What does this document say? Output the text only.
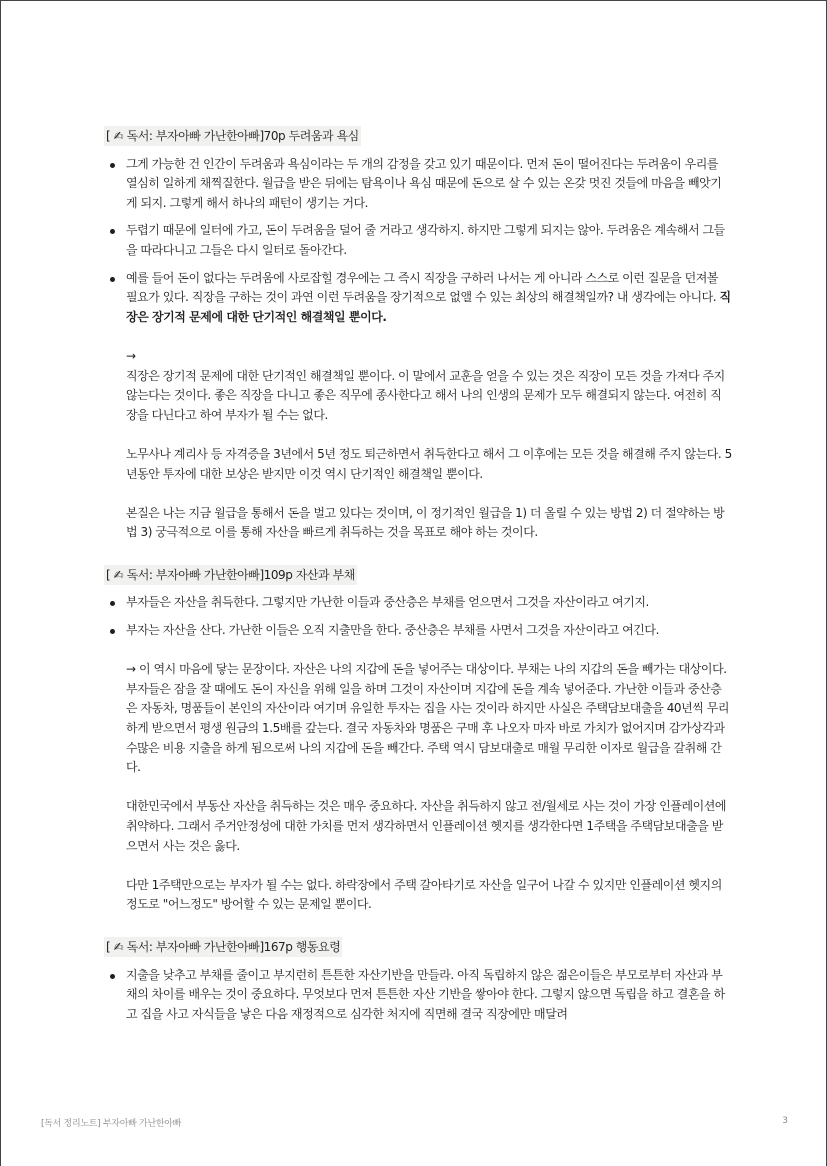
[ ✍ 독서: 부자아빠 가난한아빠]70p 두려움과 욕심
그게 가능한 건 인간이 두려움과 욕심이라는 두 개의 감정을 갖고 있기 때문이다. 먼저 돈이 떨어진다는 두려움이 우리를 열심히 일하게 채찍질한다. 월급을 받은 뒤에는 탐욕이나 욕심 때문에 돈으로 살 수 있는 온갖 멋진 것들에 마음을 빼앗기게 되지. 그렇게 해서 하나의 패턴이 생기는 거다.
두렵기 때문에 일터에 가고, 돈이 두려움을 덜어 줄 거라고 생각하지. 하지만 그렇게 되지는 않아. 두려움은 계속해서 그들을 따라다니고 그들은 다시 일터로 돌아간다.

예를 들어 돈이 없다는 두려움에 사로잡힐 경우에는 그 즉시 직장을 구하러 나서는 게 아니라 스스로 이런 질문을 던져볼 필요가 있다. 직장을 구하는 것이 과연 이런 두려움을 장기적으로 없앨 수 있는 최상의 해결책일까? 내 생각에는 아니다. 직장은 장기적 문제에 대한 단기적인 해결책일 뿐이다.

→

직장은 장기적 문제에 대한 단기적인 해결책일 뿐이다. 이 말에서 교훈을 얻을 수 있는 것은 직장이 모든 것을 가져다 주지 않는다는 것이다. 좋은 직장을 다니고 좋은 직무에 종사한다고 해서 나의 인생의 문제가 모두 해결되지 않는다. 여전히 직장을 다닌다고 하여 부자가 될 수는 없다.

노무사나 계리사 등 자격증을 3년에서 5년 정도 퇴근하면서 취득한다고 해서 그 이후에는 모든 것을 해결해 주지 않는다. 5년동안 투자에 대한 보상은 받지만 이것 역시 단기적인 해결책일 뿐이다.

본질은 나는 지금 월급을 통해서 돈을 벌고 있다는 것이며, 이 정기적인 월급을 1) 더 올릴 수 있는 방법 2) 더 절약하는 방법 3) 궁극적으로 이를 통해 자산을 빠르게 취득하는 것을 목표로 해야 하는 것이다.

[ ✍ 독서: 부자아빠 가난한아빠]109p 자산과 부채
부자들은 자산을 취득한다. 그렇지만 가난한 이들과 중산층은 부채를 얻으면서 그것을 자산이라고 여기지.

부자는 자산을 산다. 가난한 이들은 오직 지출만을 한다. 중산층은 부채를 사면서 그것을 자산이라고 여긴다.

→ 이 역시 마음에 닿는 문장이다. 자산은 나의 지갑에 돈을 넣어주는 대상이다. 부채는 나의 지갑의 돈을 빼가는 대상이다. 부자들은 잠을 잘 때에도 돈이 자신을 위해 일을 하며 그것이 자산이며 지갑에 돈을 계속 넣어준다. 가난한 이들과 중산층은 자동차, 명품들이 본인의 자산이라 여기며 유일한 투자는 집을 사는 것이라 하지만 사실은 주택담보대출을 40년씩 무리하게 받으면서 평생 원금의 1.5배를 갚는다. 결국 자동차와 명품은 구매 후 나오자 마자 바로 가치가 없어지며 감가상각과 수많은 비용 지출을 하게 됨으로써 나의 지갑에 돈을 빼간다. 주택 역시 담보대출로 매월 무리한 이자로 월급을 갈취해 간다.

대한민국에서 부동산 자산을 취득하는 것은 매우 중요하다. 자산을 취득하지 않고 전/월세로 사는 것이 가장 인플레이션에 취약하다. 그래서 주거안정성에 대한 가치를 먼저 생각하면서 인플레이션 헷지를 생각한다면 1주택을 주택담보대출을 받으면서 사는 것은 옳다.

다만 1주택만으로는 부자가 될 수는 없다. 하락장에서 주택 갈아타기로 자산을 일구어 나갈 수 있지만 인플레이션 헷지의 정도로 "어느정도" 방어할 수 있는 문제일 뿐이다.

[ ✍ 독서: 부자아빠 가난한아빠]167p 행동요령
지출을 낮추고 부채를 줄이고 부지런히 튼튼한 자산기반을 만들라. 아직 독립하지 않은 젊은이들은 부모로부터 자산과 부채의 차이를 배우는 것이 중요하다. 무엇보다 먼저 튼튼한 자산 기반을 쌓아야 한다. 그렇지 않으면 독립을 하고 결혼을 하고 집을 사고 자식들을 낳은 다음 재정적으로 심각한 처지에 직면해 결국 직장에만 매달려
[독서 정리노트] 부자아빠 가난한아빠	3
